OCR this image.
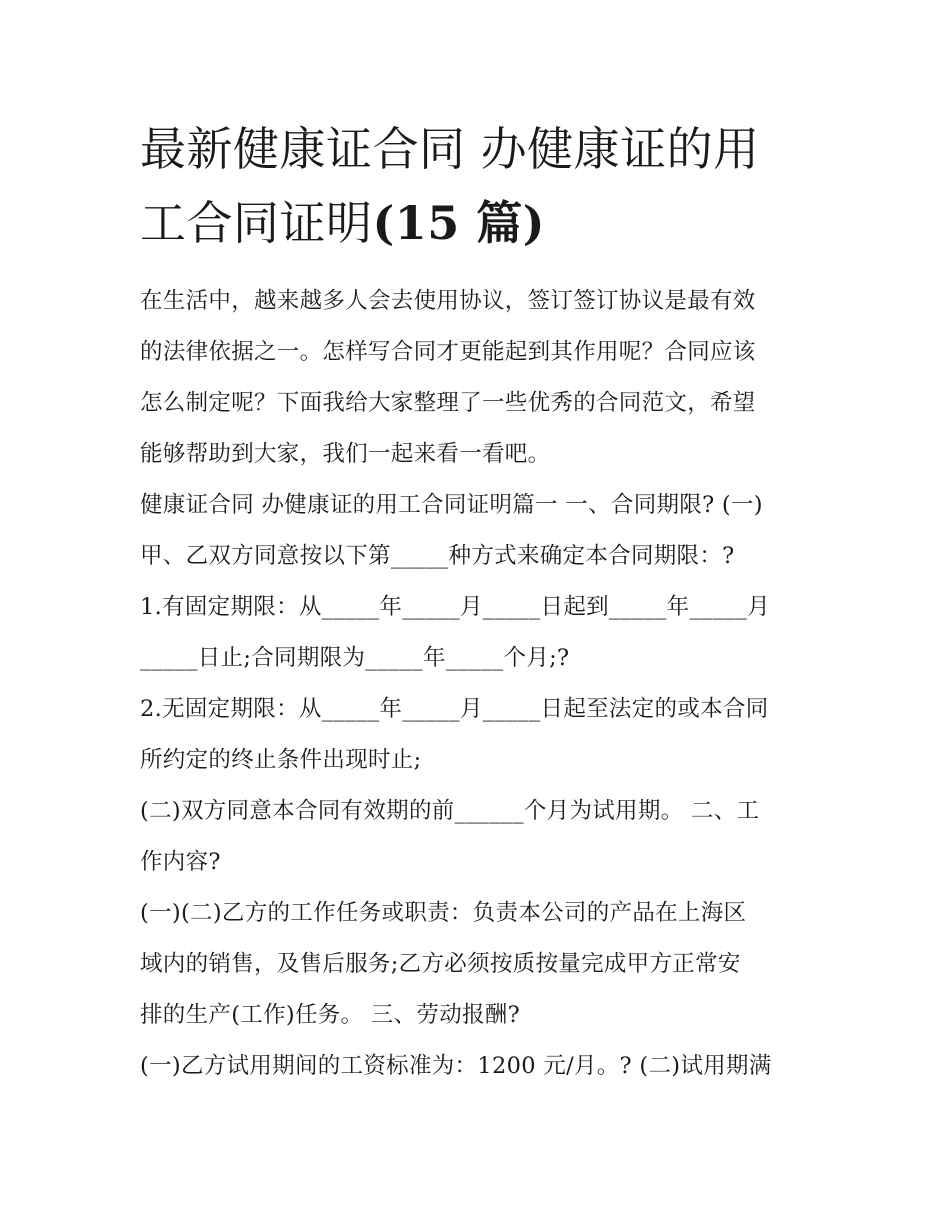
最新健康证合同 办健康证的用
工合同证明(15 篇)

在生活中，越来越多人会去使用协议，签订签订协议是最有效

的法律依据之一。怎样写合同才更能起到其作用呢？合同应该

怎么制定呢？下面我给大家整理了一些优秀的合同范文，希望

能够帮助到大家，我们一起来看一看吧。

健康证合同 办健康证的用工合同证明篇一 一、合同期限? (一)

甲、乙双方同意按以下第_____种方式来确定本合同期限：?

1.有固定期限：从_____年_____月_____日起到_____年_____月

_____日止;合同期限为_____年_____个月;?

2.无固定期限：从_____年_____月_____日起至法定的或本合同

所约定的终止条件出现时止;

(二)双方同意本合同有效期的前______个月为试用期。 二、工

作内容?

(一)(二)乙方的工作任务或职责：负责本公司的产品在上海区

域内的销售，及售后服务;乙方必须按质按量完成甲方正常安

排的生产(工作)任务。 三、劳动报酬?

(一)乙方试用期间的工资标准为：1200 元/月。? (二)试用期满
